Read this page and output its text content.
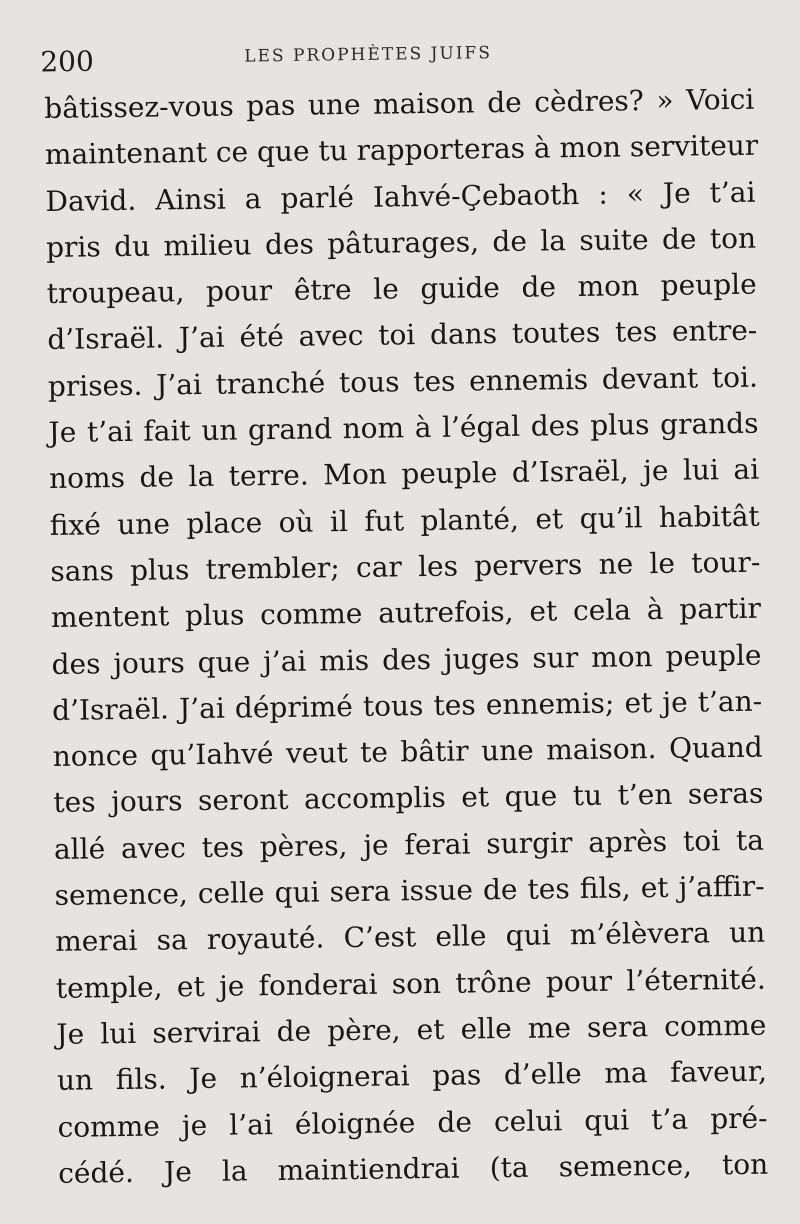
200	LES PROPHÈTES JUIFS
bâtissez-vous pas une maison de cèdres? » Voici
maintenant ce que tu rapporteras à mon serviteur
David. Ainsi a parlé Iahvé-Çebaoth : « Je t’ai
pris du milieu des pâturages, de la suite de ton
troupeau, pour être le guide de mon peuple
d’Israël. J’ai été avec toi dans toutes tes entre-
prises. J’ai tranché tous tes ennemis devant toi.
Je t’ai fait un grand nom à l’égal des plus grands
noms de la terre. Mon peuple d’Israël, je lui ai
fixé une place où il fut planté, et qu’il habitât
sans plus trembler; car les pervers ne le tour-
mentent plus comme autrefois, et cela à partir
des jours que j’ai mis des juges sur mon peuple
d’Israël. J’ai déprimé tous tes ennemis; et je t’an-
nonce qu’Iahvé veut te bâtir une maison. Quand
tes jours seront accomplis et que tu t’en seras
allé avec tes pères, je ferai surgir après toi ta
semence, celle qui sera issue de tes fils, et j’affir-
merai sa royauté. C’est elle qui m’élèvera un
temple, et je fonderai son trône pour l’éternité.
Je lui servirai de père, et elle me sera comme
un fils. Je n’éloignerai pas d’elle ma faveur,
comme je l’ai éloignée de celui qui t’a pré-
cédé. Je la maintiendrai (ta semence, ton
